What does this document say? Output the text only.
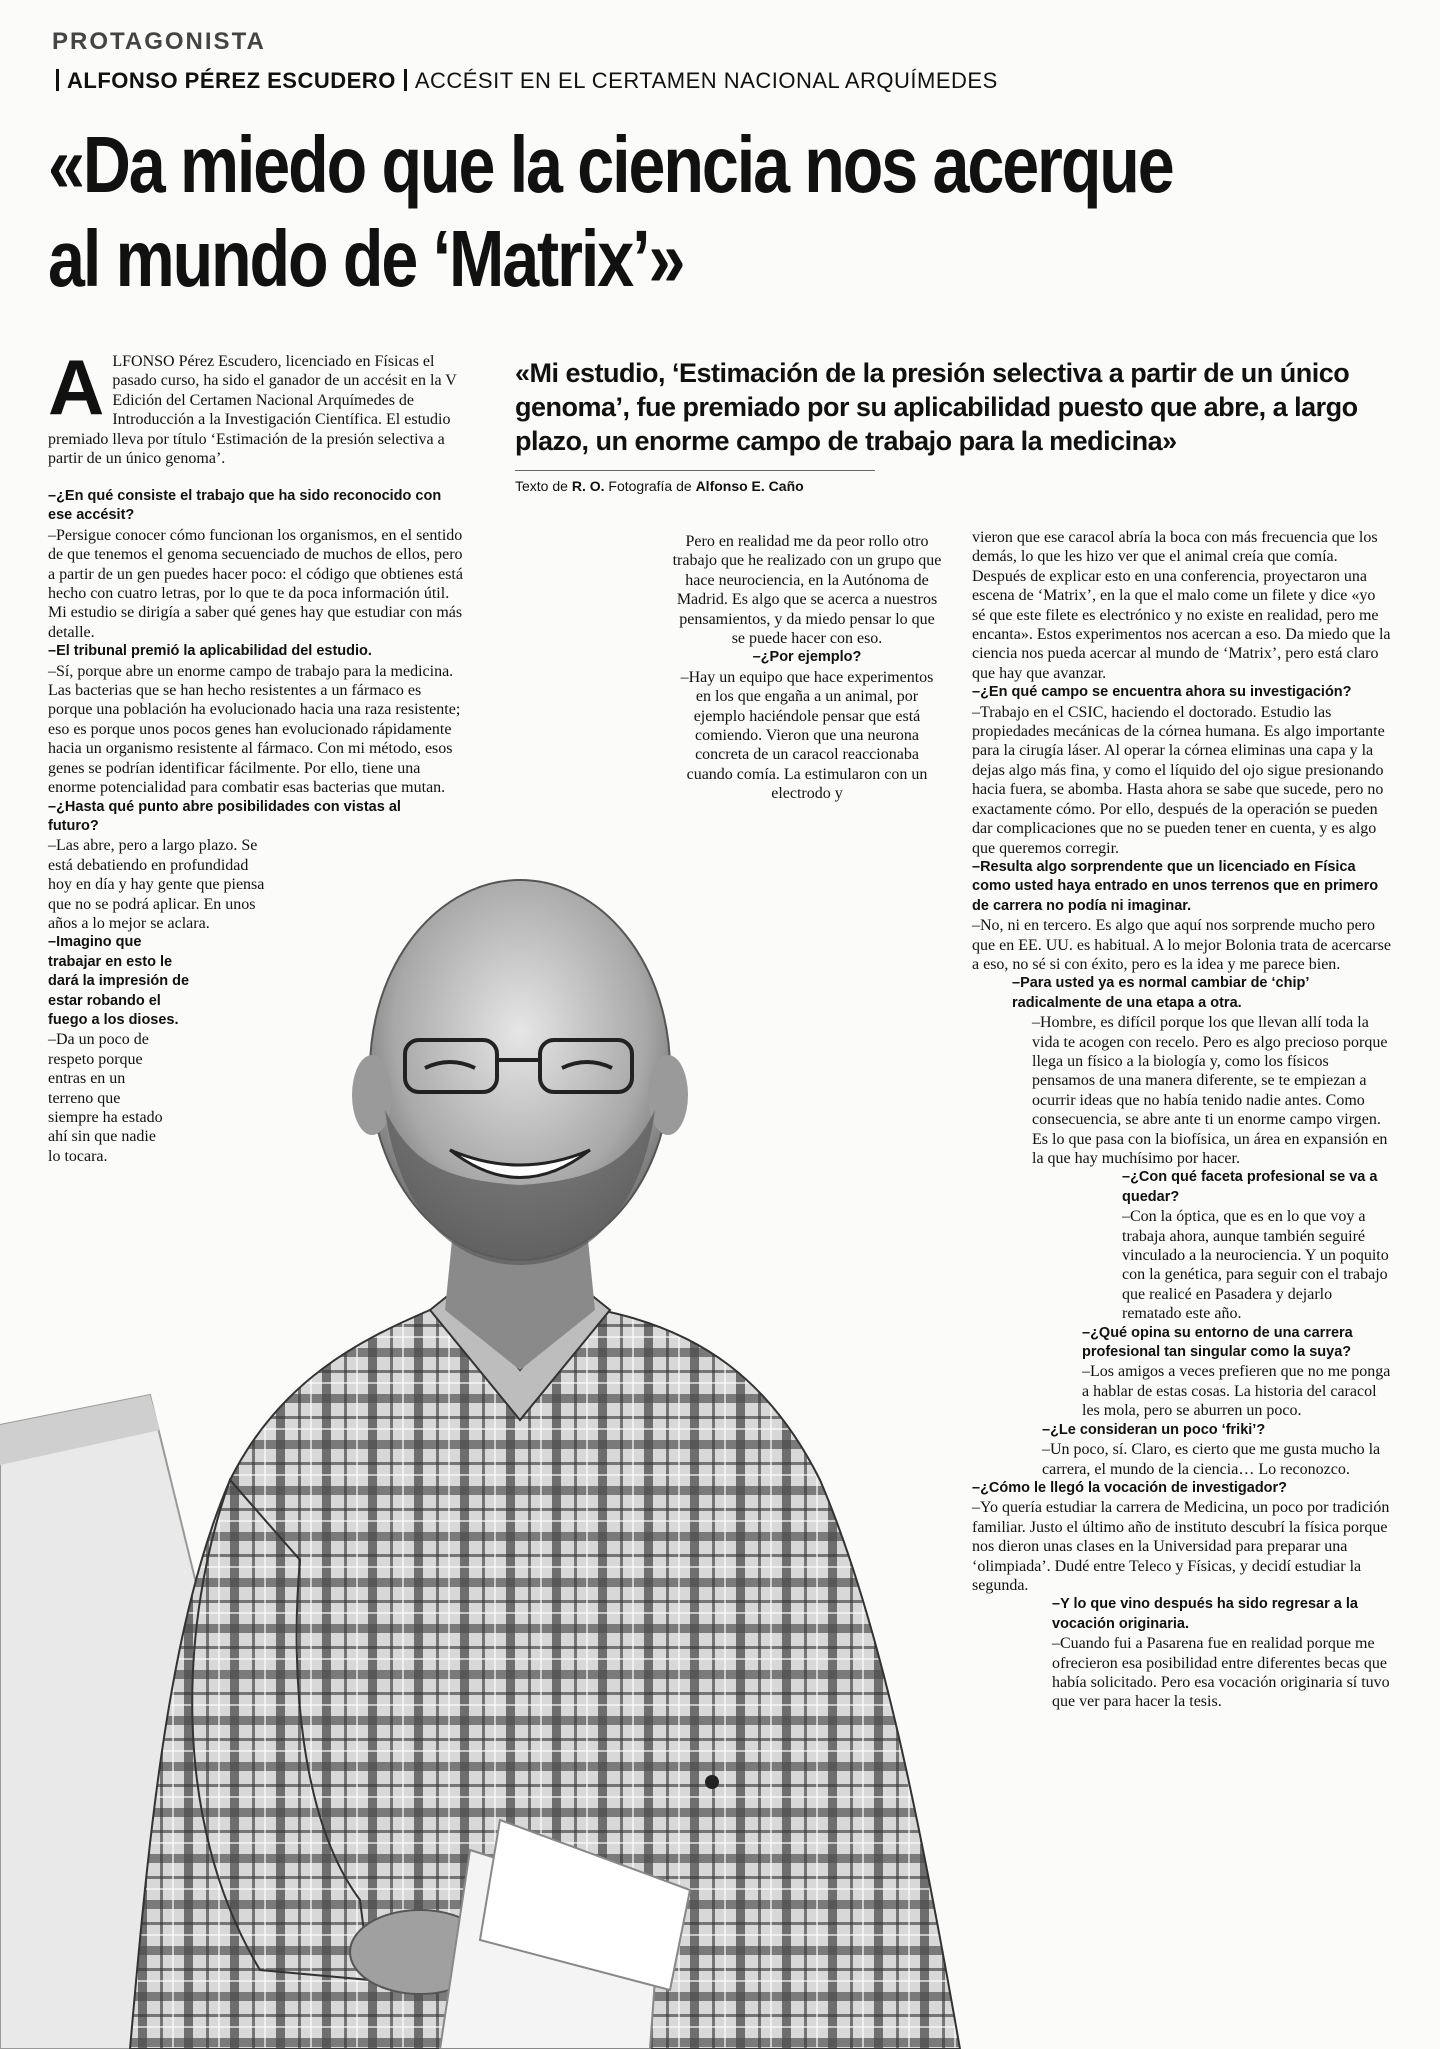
PROTAGONISTA
ALFONSO PÉREZ ESCUDERO ACCÉSIT EN EL CERTAMEN NACIONAL ARQUÍMEDES
«Da miedo que la ciencia nos acerque al mundo de ‘Matrix’»
«Mi estudio, ‘Estimación de la presión selectiva a partir de un único genoma’, fue premiado por su aplicabilidad puesto que abre, a largo plazo, un enorme campo de trabajo para la medicina»
Texto de R. O. Fotografía de Alfonso E. Caño
ALFONSO Pérez Escudero, licenciado en Físicas el pasado curso, ha sido el ganador de un accésit en la V Edición del Certamen Nacional Arquímedes de Introducción a la Investigación Científica. El estudio premiado lleva por título ‘Estimación de la presión selectiva a partir de un único genoma’.

–¿En qué consiste el trabajo que ha sido reconocido con ese accésit?

–Persigue conocer cómo funcionan los organismos, en el sentido de que tenemos el genoma secuenciado de muchos de ellos, pero a partir de un gen puedes hacer poco: el código que obtienes está hecho con cuatro letras, por lo que te da poca información útil. Mi estudio se dirigía a saber qué genes hay que estudiar con más detalle.

–El tribunal premió la aplicabilidad del estudio.

–Sí, porque abre un enorme campo de trabajo para la medicina. Las bacterias que se han hecho resistentes a un fármaco es porque una población ha evolucionado hacia una raza resistente; eso es porque unos pocos genes han evolucionado rápidamente hacia un organismo resistente al fármaco. Con mi método, esos genes se podrían identificar fácilmente. Por ello, tiene una enorme potencialidad para combatir esas bacterias que mutan.

–¿Hasta qué punto abre posibilidades con vistas al futuro?

–Las abre, pero a largo plazo. Se está debatiendo en profundidad hoy en día y hay gente que piensa que no se podrá aplicar. En unos años a lo mejor se aclara.

–Imagino que trabajar en esto le dará la impresión de estar robando el fuego a los dioses.

–Da un poco de respeto porque entras en un terreno que siempre ha estado ahí sin que nadie lo tocara.

Pero en realidad me da peor rollo otro trabajo que he realizado con un grupo que hace neurociencia, en la Autónoma de Madrid. Es algo que se acerca a nuestros pensamientos, y da miedo pensar lo que se puede hacer con eso.

–¿Por ejemplo?

–Hay un equipo que hace experimentos en los que engaña a un animal, por ejemplo haciéndole pensar que está comiendo. Vieron que una neurona concreta de un caracol reaccionaba cuando comía. La estimularon con un electrodo y

vieron que ese caracol abría la boca con más frecuencia que los demás, lo que les hizo ver que el animal creía que comía. Después de explicar esto en una conferencia, proyectaron una escena de ‘Matrix’, en la que el malo come un filete y dice «yo sé que este filete es electrónico y no existe en realidad, pero me encanta». Estos experimentos nos acercan a eso. Da miedo que la ciencia nos pueda acercar al mundo de ‘Matrix’, pero está claro que hay que avanzar.

–¿En qué campo se encuentra ahora su investigación?

–Trabajo en el CSIC, haciendo el doctorado. Estudio las propiedades mecánicas de la córnea humana. Es algo importante para la cirugía láser. Al operar la córnea eliminas una capa y la dejas algo más fina, y como el líquido del ojo sigue presionando hacia fuera, se abomba. Hasta ahora se sabe que sucede, pero no exactamente cómo. Por ello, después de la operación se pueden dar complicaciones que no se pueden tener en cuenta, y es algo que queremos corregir.

–Resulta algo sorprendente que un licenciado en Física como usted haya entrado en unos terrenos que en primero de carrera no podía ni imaginar.

–No, ni en tercero. Es algo que aquí nos sorprende mucho pero que en EE. UU. es habitual. A lo mejor Bolonia trata de acercarse a eso, no sé si con éxito, pero es la idea y me parece bien.

–Para usted ya es normal cambiar de ‘chip’ radicalmente de una etapa a otra.

–Hombre, es difícil porque los que llevan allí toda la vida te acogen con recelo. Pero es algo precioso porque llega un físico a la biología y, como los físicos pensamos de una manera diferente, se te empiezan a ocurrir ideas que no había tenido nadie antes. Como consecuencia, se abre ante ti un enorme campo virgen. Es lo que pasa con la biofísica, un área en expansión en la que hay muchísimo por hacer.

–¿Con qué faceta profesional se va a quedar?

–Con la óptica, que es en lo que voy a trabaja ahora, aunque también seguiré vinculado a la neurociencia. Y un poquito con la genética, para seguir con el trabajo que realicé en Pasadera y dejarlo rematado este año.

–¿Qué opina su entorno de una carrera profesional tan singular como la suya?

–Los amigos a veces prefieren que no me ponga a hablar de estas cosas. La historia del caracol les mola, pero se aburren un poco.

–¿Le consideran un poco ‘friki’?

–Un poco, sí. Claro, es cierto que me gusta mucho la carrera, el mundo de la ciencia… Lo reconozco.

–¿Cómo le llegó la vocación de investigador?

–Yo quería estudiar la carrera de Medicina, un poco por tradición familiar. Justo el último año de instituto descubrí la física porque nos dieron unas clases en la Universidad para preparar una ‘olimpiada’. Dudé entre Teleco y Físicas, y decidí estudiar la segunda.

–Y lo que vino después ha sido regresar a la vocación originaria.

–Cuando fui a Pasarena fue en realidad porque me ofrecieron esa posibilidad entre diferentes becas que había solicitado. Pero esa vocación originaria sí tuvo que ver para hacer la tesis.
